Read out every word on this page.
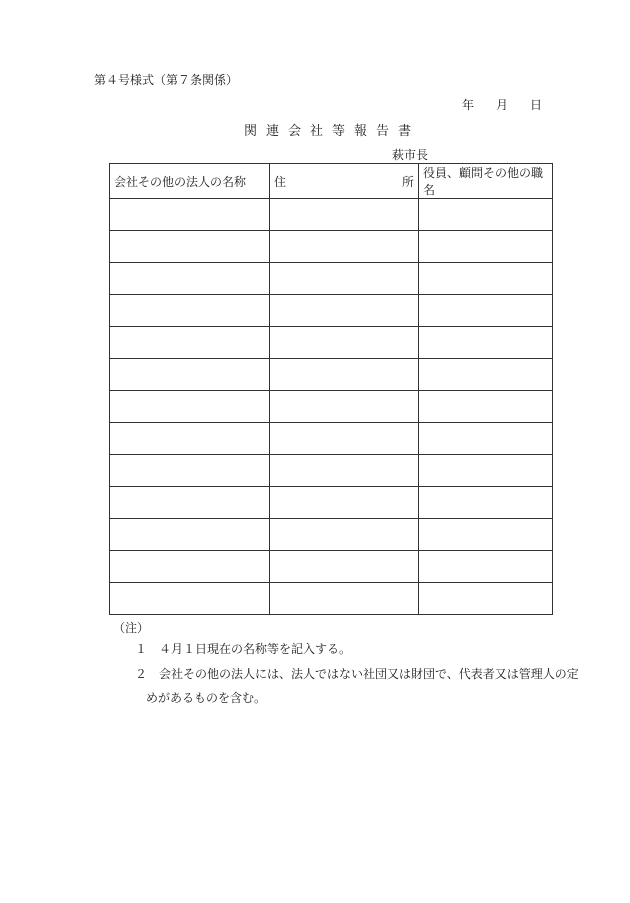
第４号様式（第７条関係）
年 月 日
関連会社等報告書
萩市長
会社その他の法人の名称	住 所	役員、顧問その他の職名

（注）
１ ４月１日現在の名称等を記入する。
２ 会社その他の法人には、法人ではない社団又は財団で、代表者又は管理人の定
めがあるものを含む。
